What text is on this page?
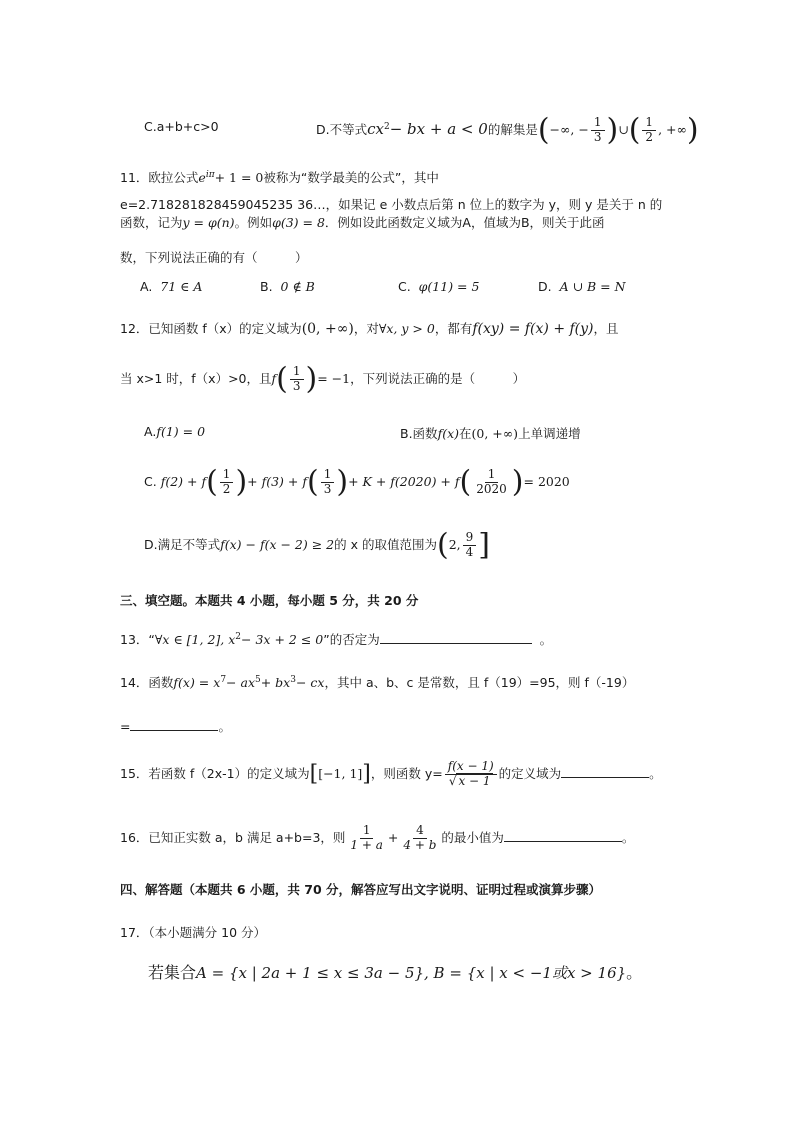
C.a+b+c>0	D.不等式$cx^2-$ bx + a < 0的解集是(−∞, − $\frac{1}{3}$ )∪( $\frac{1}{2}$ , +∞)
11．欧拉公式$e^{i\pi}+ 1 = 0$被称为“数学最美的公式”，其中
e=2.718281828459045235 36…，如果记 e 小数点后第 n 位上的数字为 y，则 y 是关于 n 的
函数，记为y = φ(n)。例如φ(3) = 8．例如设此函数定义域为A，值域为B，则关于此函
数，下列说法正确的有（　　　）
A. 71 ∈ A	B. 0 ∉ B	C. φ(11) = 5	D. A ∪ B = N
12．已知函数 f（x）的定义域为(0, +∞)，对∀x, y > 0，都有f(xy) = f(x) + f(y)，且
当 x>1 时，f（x）>0，且$f( \frac{1}{3}$ )= −1，下列说法正确的是（　　　）
A.f(1) = 0	B.函数f(x)在(0, +∞)上单调递增
C. $f(2) + f( \frac{1}{2}$ )+ $f(3) + f( \frac{1}{3}$ )+ $K + f(2020) + f( \frac{1}{2020}$ )= 2020
D.满足不等式f(x) − f(x − 2) ≥ 2的 x 的取值范围为(2, $\frac{9}{4}$ ]
三、填空题。本题共 4 小题，每小题 5 分，共 20 分
13．“∀x ∈ [1, 2], $x^2- 3x + 2 \le 0$”的否定为	。
14．函数$f(x) = x^7- ax^5+ bx^3-$ cx，其中 a、b、c 是常数，且 f（19）=95，则 f（-19）
=	。
15．若函数 f（2x-1）的定义域为[[−1, 1]]，则函数 $y= \frac{f(x - 1)}{√ x - 1}$ 的定义域为	。
16．已知正实数 a，b 满足 a+b=3，则 $\frac{1}{1 + a} + \frac{4}{4 + b}$ 的最小值为	。
四、解答题（本题共 6 小题，共 70 分，解答应写出文字说明、证明过程或演算步骤）
17．（本小题满分 10 分）
若集合A = {x | 2a + 1 ≤ x ≤ 3a − 5}, B = {x | x < −1或x > 16}。
